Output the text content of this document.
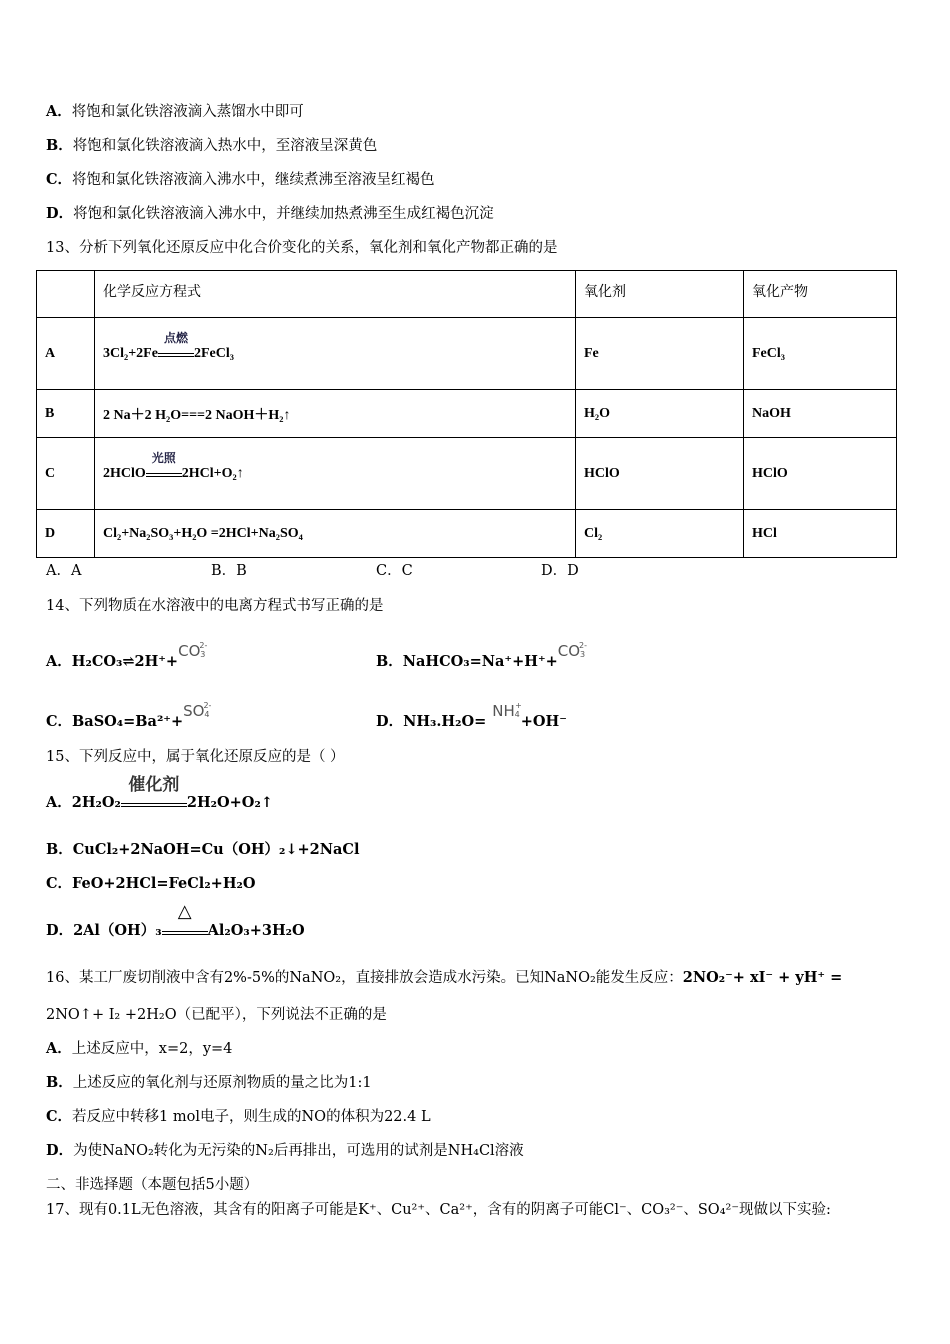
A．将饱和氯化铁溶液滴入蒸馏水中即可
B．将饱和氯化铁溶液滴入热水中，至溶液呈深黄色
C．将饱和氯化铁溶液滴入沸水中，继续煮沸至溶液呈红褐色
D．将饱和氯化铁溶液滴入沸水中，并继续加热煮沸至生成红褐色沉淀
13、分析下列氧化还原反应中化合价变化的关系，氧化剂和氧化产物都正确的是
	化学反应方程式	氧化剂	氧化产物
A	3Cl₂+2Fe
点燃
2FeCl₃	Fe	FeCl₃
B	2 Na＋2 H₂O===2 NaOH＋H₂↑	H₂O	NaOH
C	2HClO
光照
2HCl+O₂↑	HClO	HClO
D	Cl₂+Na₂SO₃+H₂O =2HCl+Na₂SO₄	Cl₂	HCl
A．A	B．B	C．C	D．D
14、下列物质在水溶液中的电离方程式书写正确的是
A．H₂CO₃⇌2H⁺+CO 2-
3	B．NaHCO₃=Na⁺+H⁺+CO 2-
3
C．BaSO₄=Ba²⁺+SO 2-
4	D．NH₃.H₂O=NH +
4 +OH⁻
15、下列反应中，属于氧化还原反应的是（ ）
A．2H₂O₂
催化剂
2H₂O+O₂↑
B．CuCl₂+2NaOH=Cu（OH）₂↓+2NaCl
C．FeO+2HCl=FeCl₂+H₂O
D．2Al（OH）₃
△
Al₂O₃+3H₂O
16、某工厂废切削液中含有2%-5%的NaNO₂，直接排放会造成水污染。已知NaNO₂能发生反应：2NO₂⁻+ xI⁻ + yH⁺ =
2NO↑+ I₂ +2H₂O（已配平），下列说法不正确的是
A．上述反应中，x=2，y=4
B．上述反应的氧化剂与还原剂物质的量之比为1:1
C．若反应中转移1 mol电子，则生成的NO的体积为22.4 L
D．为使NaNO₂转化为无污染的N₂后再排出，可选用的试剂是NH₄Cl溶液
二、非选择题（本题包括5小题）
17、现有0.1L无色溶液，其含有的阳离子可能是K⁺、Cu²⁺、Ca²⁺，含有的阴离子可能Cl⁻、CO₃²⁻、SO₄²⁻现做以下实验:
